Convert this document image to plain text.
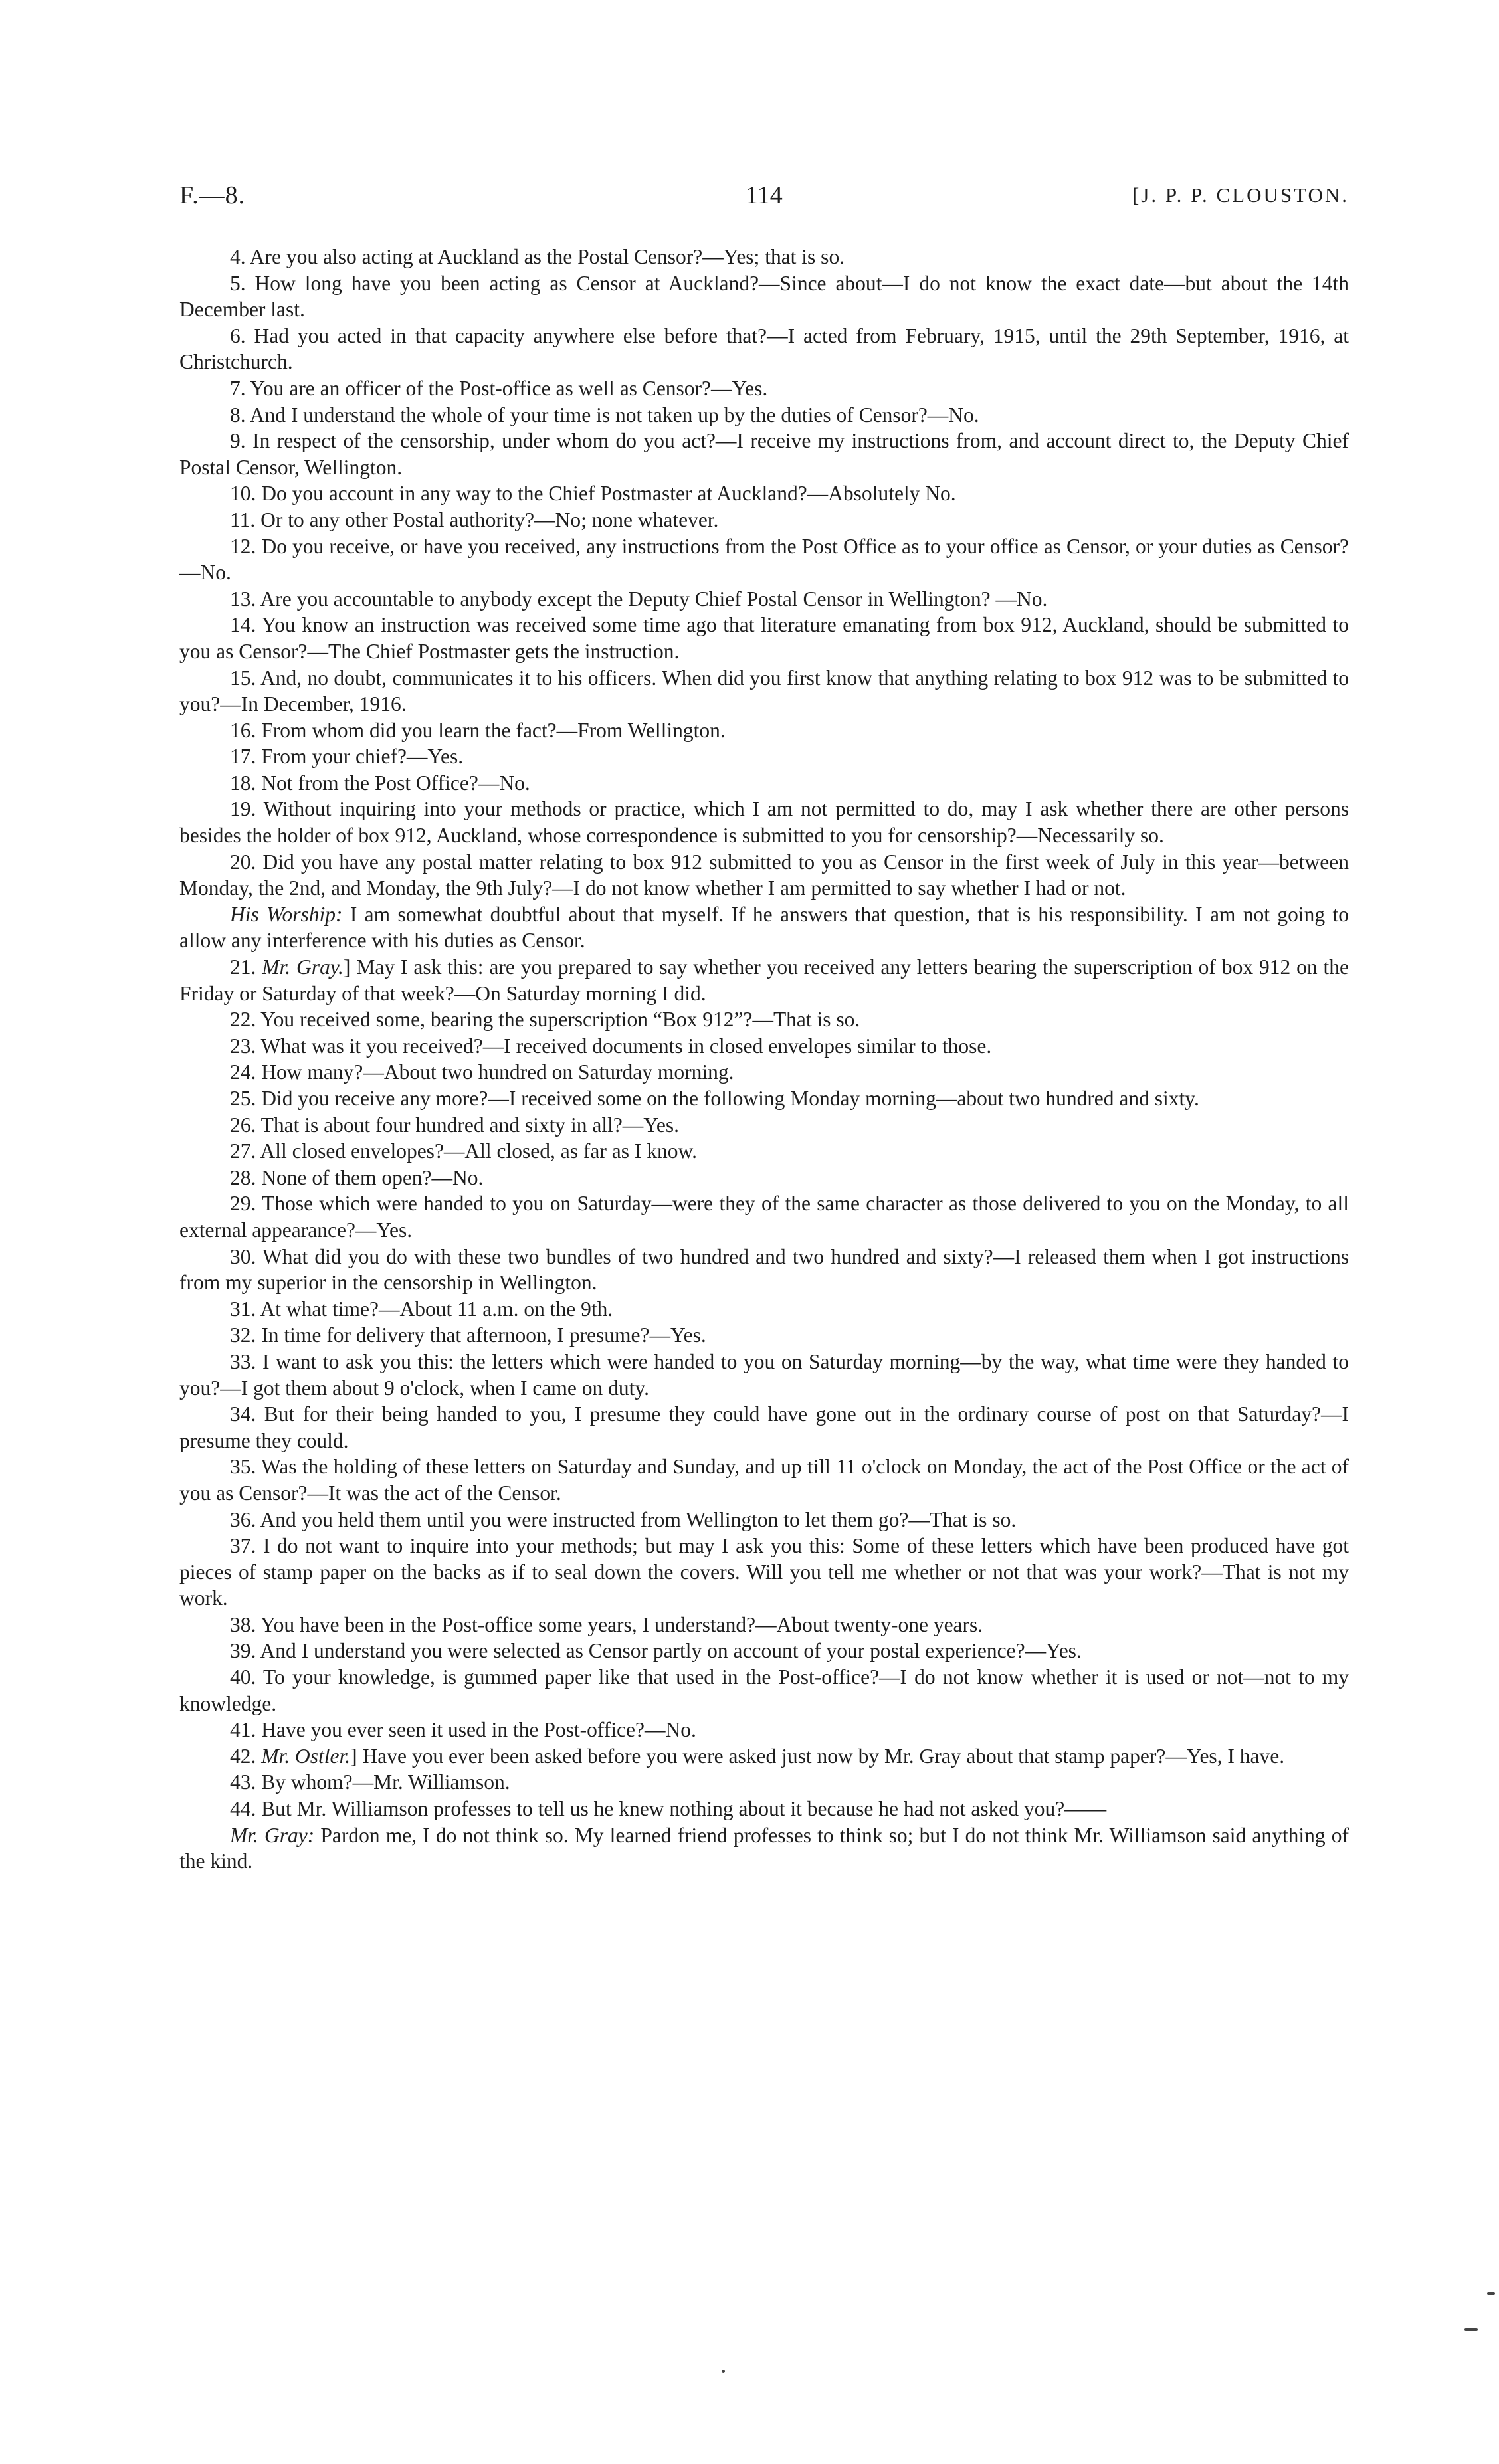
F.—8.	114	[J. P. P. CLOUSTON.

4. Are you also acting at Auckland as the Postal Censor?—Yes; that is so.

5. How long have you been acting as Censor at Auckland?—Since about—I do not know the exact date—but about the 14th December last.

6. Had you acted in that capacity anywhere else before that?—I acted from February, 1915, until the 29th September, 1916, at Christchurch.

7. You are an officer of the Post-office as well as Censor?—Yes.

8. And I understand the whole of your time is not taken up by the duties of Censor?—No.

9. In respect of the censorship, under whom do you act?—I receive my instructions from, and account direct to, the Deputy Chief Postal Censor, Wellington.

10. Do you account in any way to the Chief Postmaster at Auckland?—Absolutely No.

11. Or to any other Postal authority?—No; none whatever.

12. Do you receive, or have you received, any instructions from the Post Office as to your office as Censor, or your duties as Censor?—No.

13. Are you accountable to anybody except the Deputy Chief Postal Censor in Wellington? —No.

14. You know an instruction was received some time ago that literature emanating from box 912, Auckland, should be submitted to you as Censor?—The Chief Postmaster gets the instruction.

15. And, no doubt, communicates it to his officers. When did you first know that anything relating to box 912 was to be submitted to you?—In December, 1916.

16. From whom did you learn the fact?—From Wellington.

17. From your chief?—Yes.

18. Not from the Post Office?—No.

19. Without inquiring into your methods or practice, which I am not permitted to do, may I ask whether there are other persons besides the holder of box 912, Auckland, whose correspondence is submitted to you for censorship?—Necessarily so.

20. Did you have any postal matter relating to box 912 submitted to you as Censor in the first week of July in this year—between Monday, the 2nd, and Monday, the 9th July?—I do not know whether I am permitted to say whether I had or not.

His Worship: I am somewhat doubtful about that myself. If he answers that question, that is his responsibility. I am not going to allow any interference with his duties as Censor.

21. Mr. Gray.] May I ask this: are you prepared to say whether you received any letters bearing the superscription of box 912 on the Friday or Saturday of that week?—On Saturday morning I did.

22. You received some, bearing the superscription “Box 912”?—That is so.

23. What was it you received?—I received documents in closed envelopes similar to those.

24. How many?—About two hundred on Saturday morning.

25. Did you receive any more?—I received some on the following Monday morning—about two hundred and sixty.

26. That is about four hundred and sixty in all?—Yes.

27. All closed envelopes?—All closed, as far as I know.

28. None of them open?—No.

29. Those which were handed to you on Saturday—were they of the same character as those delivered to you on the Monday, to all external appearance?—Yes.

30. What did you do with these two bundles of two hundred and two hundred and sixty?—I released them when I got instructions from my superior in the censorship in Wellington.

31. At what time?—About 11 a.m. on the 9th.

32. In time for delivery that afternoon, I presume?—Yes.

33. I want to ask you this: the letters which were handed to you on Saturday morning—by the way, what time were they handed to you?—I got them about 9 o'clock, when I came on duty.

34. But for their being handed to you, I presume they could have gone out in the ordinary course of post on that Saturday?—I presume they could.

35. Was the holding of these letters on Saturday and Sunday, and up till 11 o'clock on Monday, the act of the Post Office or the act of you as Censor?—It was the act of the Censor.

36. And you held them until you were instructed from Wellington to let them go?—That is so.

37. I do not want to inquire into your methods; but may I ask you this: Some of these letters which have been produced have got pieces of stamp paper on the backs as if to seal down the covers. Will you tell me whether or not that was your work?—That is not my work.

38. You have been in the Post-office some years, I understand?—About twenty-one years.

39. And I understand you were selected as Censor partly on account of your postal experience?—Yes.

40. To your knowledge, is gummed paper like that used in the Post-office?—I do not know whether it is used or not—not to my knowledge.

41. Have you ever seen it used in the Post-office?—No.

42. Mr. Ostler.] Have you ever been asked before you were asked just now by Mr. Gray about that stamp paper?—Yes, I have.

43. By whom?—Mr. Williamson.

44. But Mr. Williamson professes to tell us he knew nothing about it because he had not asked you?——

Mr. Gray: Pardon me, I do not think so. My learned friend professes to think so; but I do not think Mr. Williamson said anything of the kind.
